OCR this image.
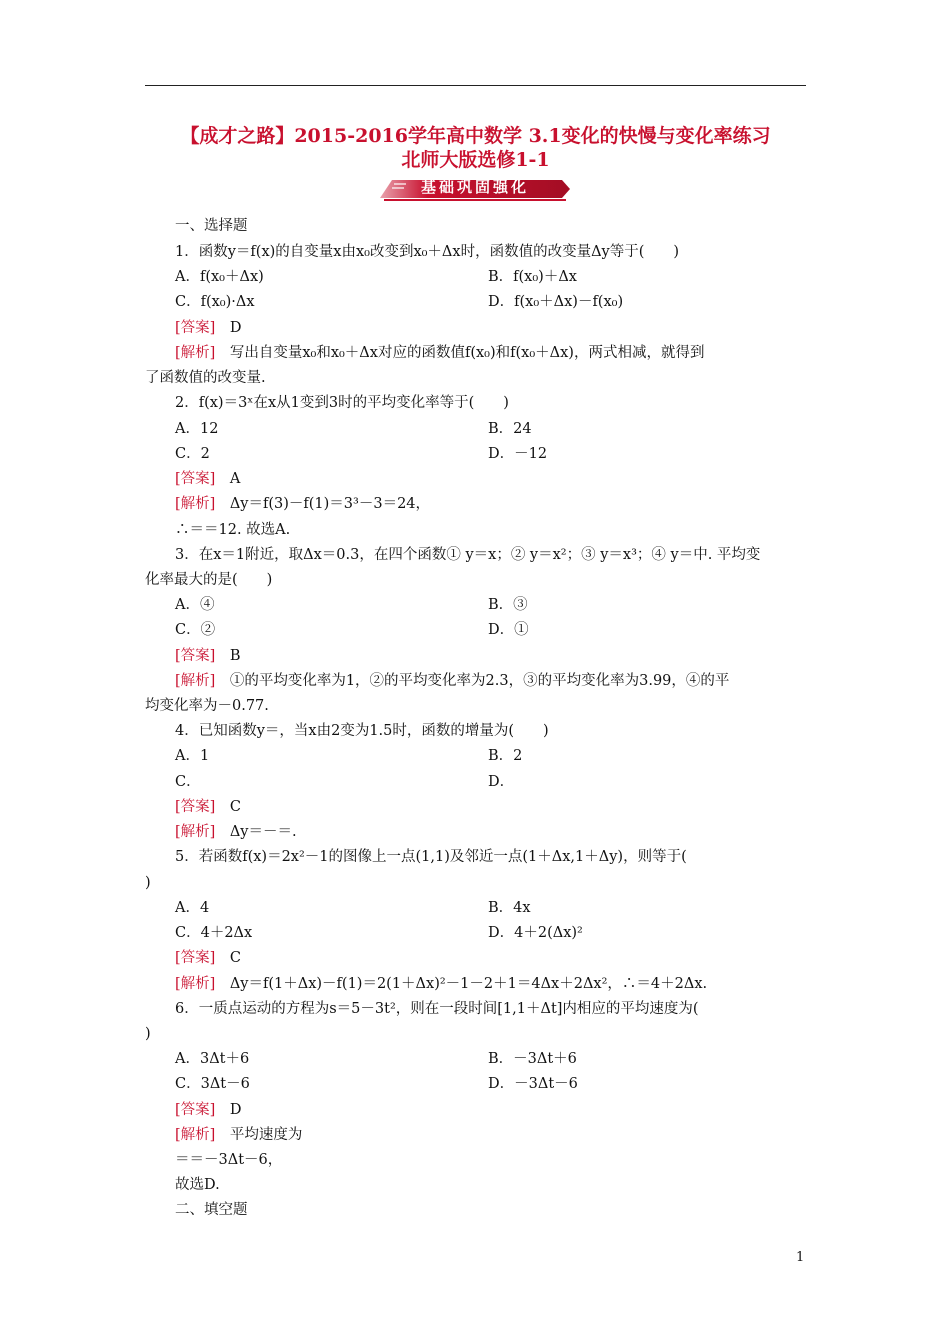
【成才之路】2015-2016学年高中数学 3.1变化的快慢与变化率练习
北师大版选修1-1
基础巩固强化
一、选择题
1．函数y＝f(x)的自变量x由x₀改变到x₀＋Δx时，函数值的改变量Δy等于(　　)
A．f(x₀＋Δx)	B．f(x₀)＋Δx
C．f(x₀)·Δx	D．f(x₀＋Δx)－f(x₀)
[答案]　D
[解析]　写出自变量x₀和x₀＋Δx对应的函数值f(x₀)和f(x₀＋Δx)，两式相减，就得到
了函数值的改变量.
2．f(x)＝3ˣ在x从1变到3时的平均变化率等于(　　)
A．12	B．24
C．2	D．－12
[答案]　A
[解析]　Δy＝f(3)－f(1)＝3³－3＝24，
∴＝＝12. 故选A.
3．在x＝1附近，取Δx＝0.3，在四个函数① y＝x；② y＝x²；③ y＝x³；④ y＝中. 平均变
化率最大的是(　　)
A．④	B．③
C．②	D．①
[答案]　B
[解析]　①的平均变化率为1，②的平均变化率为2.3，③的平均变化率为3.99，④的平
均变化率为－0.77.
4．已知函数y＝，当x由2变为1.5时，函数的增量为(　　)
A．1	B．2
C．	D．
[答案]　C
[解析]　Δy＝－＝.
5．若函数f(x)＝2x²－1的图像上一点(1,1)及邻近一点(1＋Δx,1＋Δy)，则等于(
)
A．4	B．4x
C．4＋2Δx	D．4＋2(Δx)²
[答案]　C
[解析]　Δy＝f(1＋Δx)－f(1)＝2(1＋Δx)²－1－2＋1＝4Δx＋2Δx²，∴＝4＋2Δx.
6．一质点运动的方程为s＝5－3t²，则在一段时间[1,1＋Δt]内相应的平均速度为(
)
A．3Δt＋6	B．－3Δt＋6
C．3Δt－6	D．－3Δt－6
[答案]　D
[解析]　平均速度为
＝＝－3Δt－6，
故选D.
二、填空题
1
